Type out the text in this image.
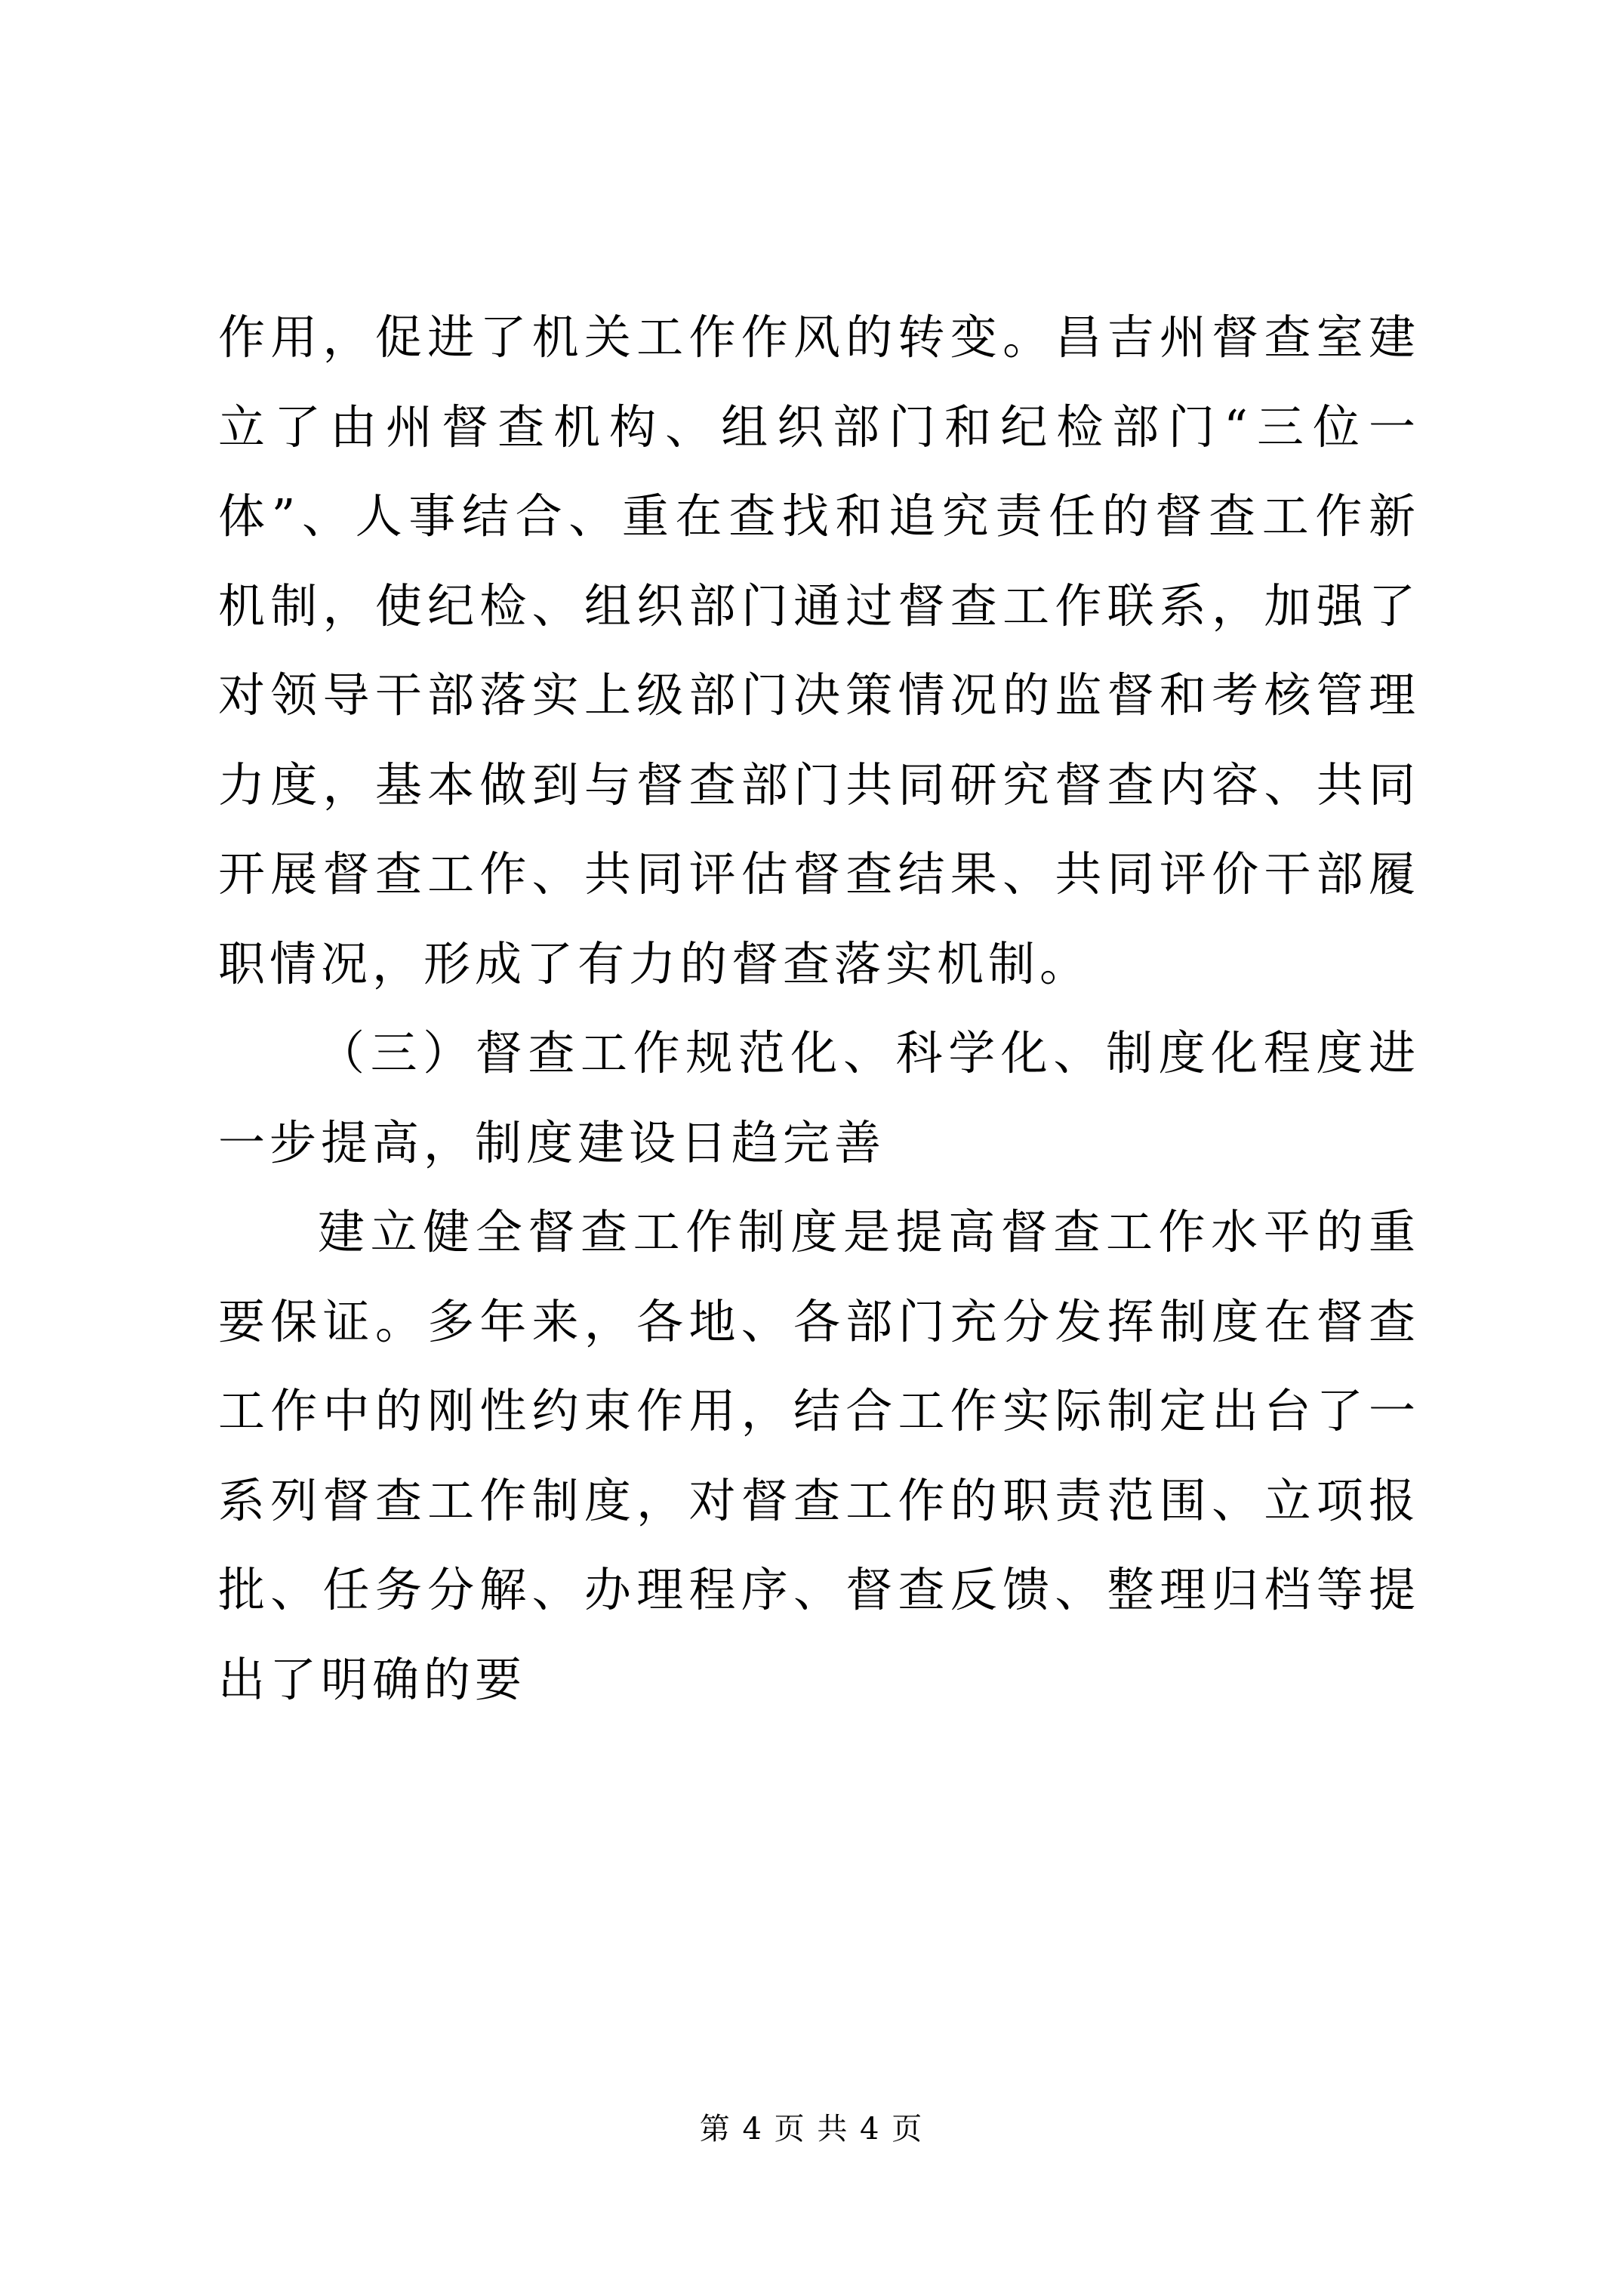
作用，促进了机关工作作风的转变。昌吉州督查室建立了由州督查机构、组织部门和纪检部门“三位一体”、人事结合、重在查找和追究责任的督查工作新机制，使纪检、组织部门通过督查工作联系，加强了对领导干部落实上级部门决策情况的监督和考核管理力度，基本做到与督查部门共同研究督查内容、共同开展督查工作、共同评估督查结果、共同评价干部履职情况，形成了有力的督查落实机制。

（三）督查工作规范化、科学化、制度化程度进一步提高，制度建设日趋完善

建立健全督查工作制度是提高督查工作水平的重要保证。多年来，各地、各部门充分发挥制度在督查工作中的刚性约束作用，结合工作实际制定出台了一系列督查工作制度，对督查工作的职责范围、立项报批、任务分解、办理程序、督查反馈、整理归档等提出了明确的要

第 4 页 共 4 页
